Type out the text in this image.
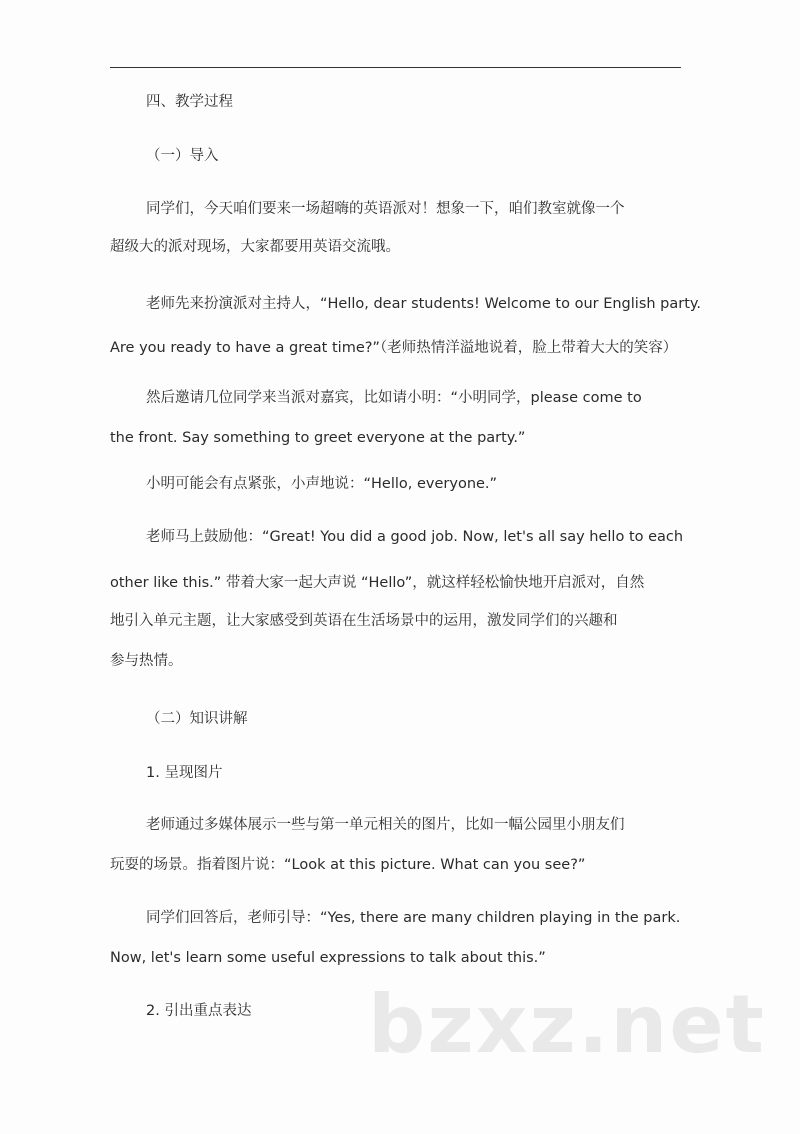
四、教学过程

（一）导入

同学们，今天咱们要来一场超嗨的英语派对！想象一下，咱们教室就像一个

超级大的派对现场，大家都要用英语交流哦。

老师先来扮演派对主持人，“Hello, dear students! Welcome to our English party.

Are you ready to have a great time?”（老师热情洋溢地说着，脸上带着大大的笑容）

然后邀请几位同学来当派对嘉宾，比如请小明：“小明同学，please come to

the front. Say something to greet everyone at the party.”

小明可能会有点紧张，小声地说：“Hello, everyone.”

老师马上鼓励他：“Great! You did a good job. Now, let's all say hello to each

other like this.” 带着大家一起大声说 “Hello”，就这样轻松愉快地开启派对，自然

地引入单元主题，让大家感受到英语在生活场景中的运用，激发同学们的兴趣和

参与热情。

（二）知识讲解

1. 呈现图片

老师通过多媒体展示一些与第一单元相关的图片，比如一幅公园里小朋友们

玩耍的场景。指着图片说：“Look at this picture. What can you see?”

同学们回答后，老师引导：“Yes, there are many children playing in the park.

Now, let's learn some useful expressions to talk about this.”

2. 引出重点表达 bzxz.net
